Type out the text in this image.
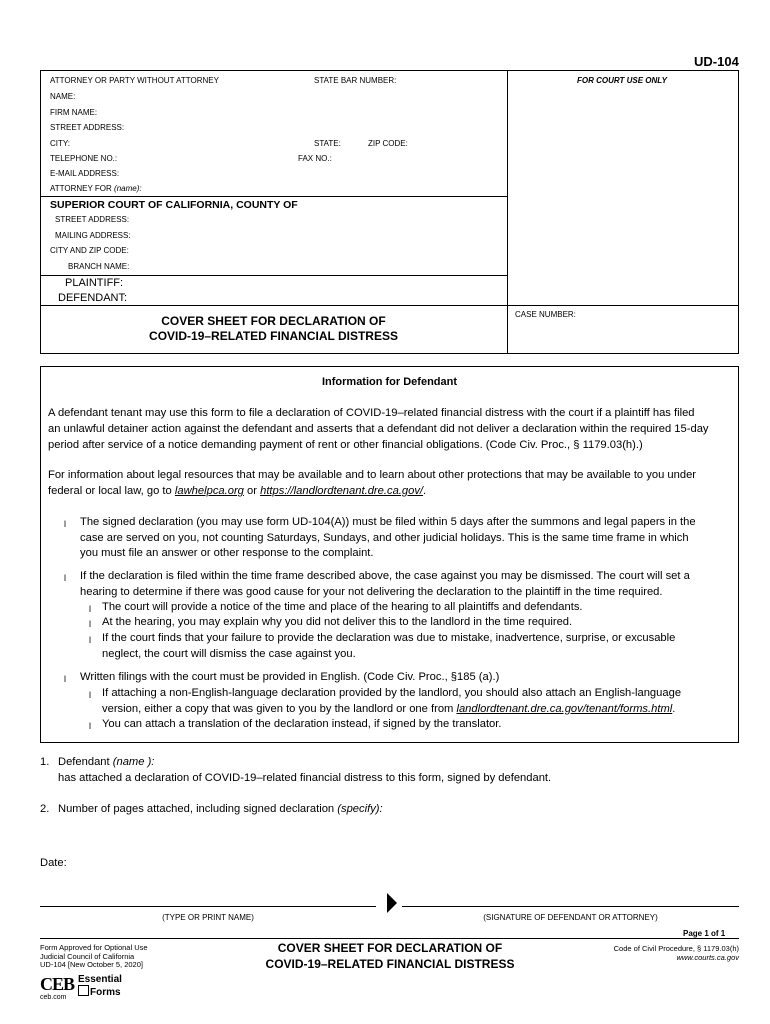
UD-104
ATTORNEY OR PARTY WITHOUT ATTORNEY	STATE BAR NUMBER:	FOR COURT USE ONLY
NAME:
FIRM NAME:
STREET ADDRESS:
CITY:	STATE:	ZIP CODE:
TELEPHONE NO.:	FAX NO.:
E-MAIL ADDRESS:
ATTORNEY FOR (name):
SUPERIOR COURT OF CALIFORNIA, COUNTY OF
STREET ADDRESS:
MAILING ADDRESS:
CITY AND ZIP CODE:
BRANCH NAME:
PLAINTIFF:
DEFENDANT:
COVER SHEET FOR DECLARATION OF
COVID-19–RELATED FINANCIAL DISTRESS
CASE NUMBER:
Information for Defendant
A defendant tenant may use this form to file a declaration of COVID-19–related financial distress with the court if a plaintiff has filed
an unlawful detainer action against the defendant and asserts that a defendant did not deliver a declaration within the required 15-day
period after service of a notice demanding payment of rent or other financial obligations. (Code Civ. Proc., § 1179.03(h).)
For information about legal resources that may be available and to learn about other protections that may be available to you under
federal or local law, go to lawhelpca.org or https://landlordtenant.dre.ca.gov/.
l The signed declaration (you may use form UD-104(A)) must be filed within 5 days after the summons and legal papers in the
case are served on you, not counting Saturdays, Sundays, and other judicial holidays. This is the same time frame in which
you must file an answer or other response to the complaint.
l If the declaration is filed within the time frame described above, the case against you may be dismissed. The court will set a
hearing to determine if there was good cause for your not delivering the declaration to the plaintiff in the time required.
l The court will provide a notice of the time and place of the hearing to all plaintiffs and defendants.
l At the hearing, you may explain why you did not deliver this to the landlord in the time required.
l If the court finds that your failure to provide the declaration was due to mistake, inadvertence, surprise, or excusable
neglect, the court will dismiss the case against you.
l Written filings with the court must be provided in English. (Code Civ. Proc., §185 (a).)
l If attaching a non-English-language declaration provided by the landlord, you should also attach an English-language
version, either a copy that was given to you by the landlord or one from landlordtenant.dre.ca.gov/tenant/forms.html.
l You can attach a translation of the declaration instead, if signed by the translator.
1. Defendant (name ):
has attached a declaration of COVID-19–related financial distress to this form, signed by defendant.
2. Number of pages attached, including signed declaration (specify):
Date:
(TYPE OR PRINT NAME)	(SIGNATURE OF DEFENDANT OR ATTORNEY)
Page 1 of 1
Form Approved for Optional Use
Judicial Council of California
UD-104 [New October 5, 2020]
COVER SHEET FOR DECLARATION OF
COVID-19–RELATED FINANCIAL DISTRESS
Code of Civil Procedure, § 1179.03(h)
www.courts.ca.gov
CEB
ceb.com
Essential
Forms
